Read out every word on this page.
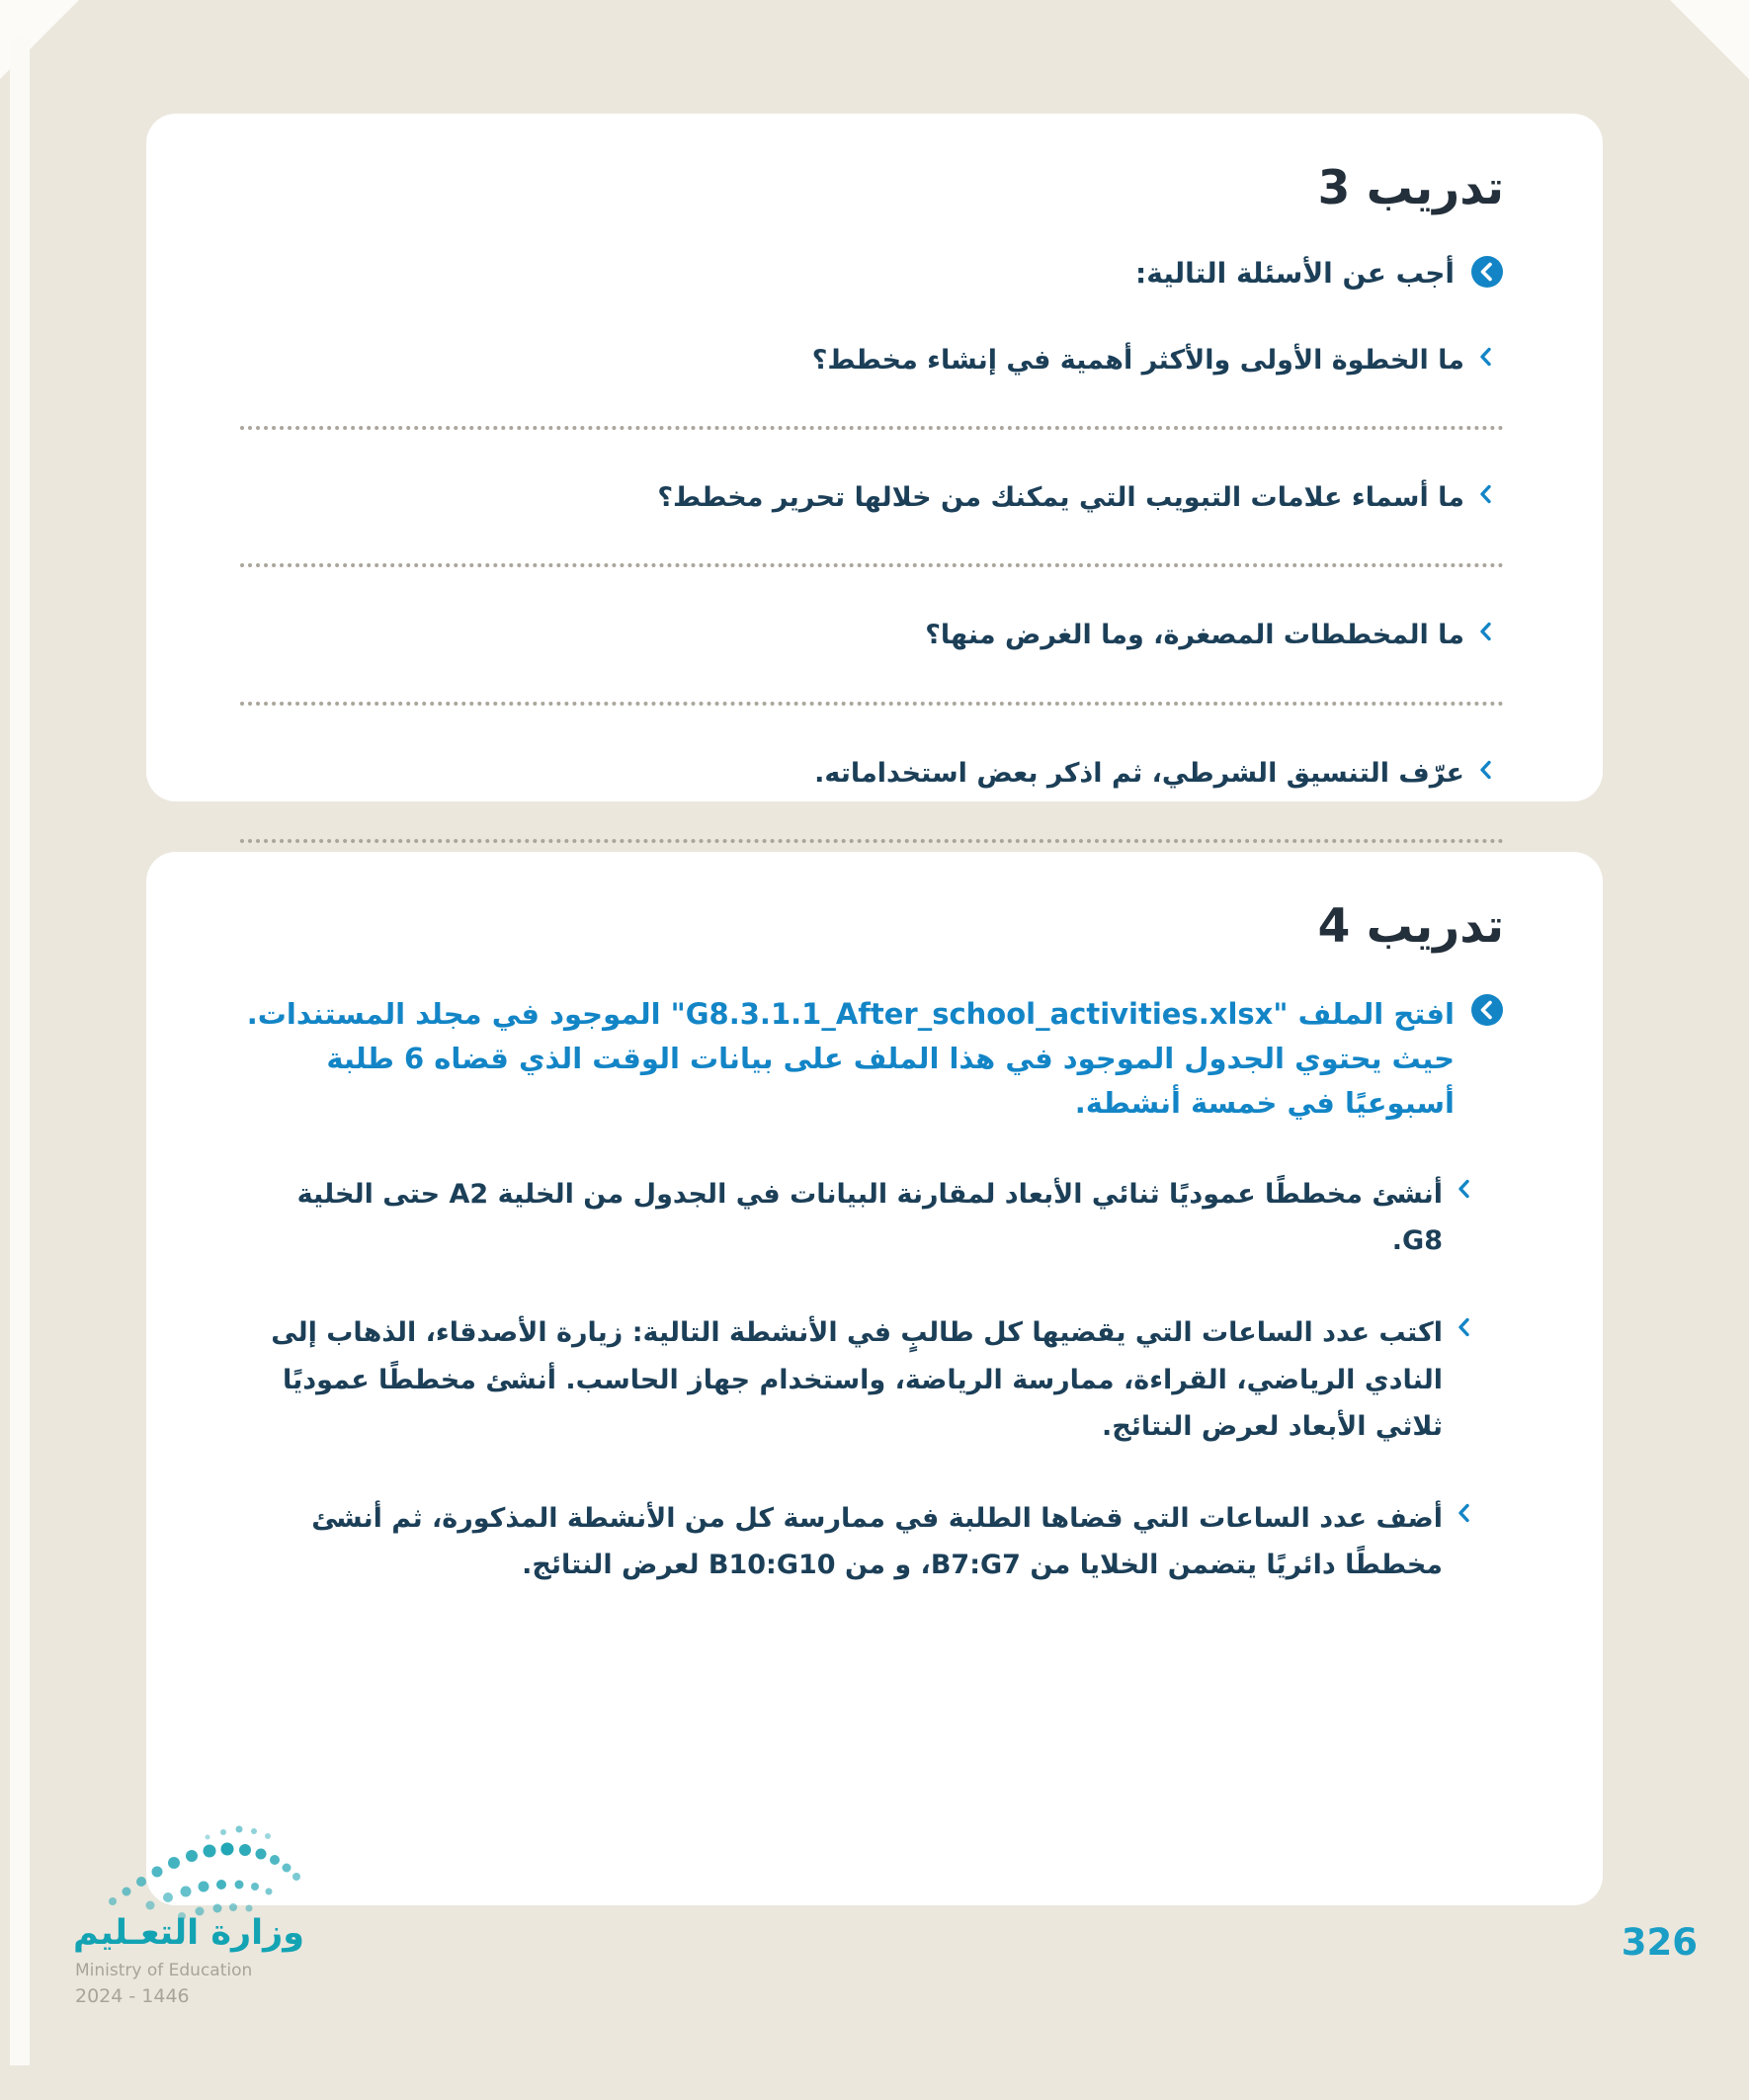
تدريب 3
أجب عن الأسئلة التالية:
ما الخطوة الأولى والأكثر أهمية في إنشاء مخطط؟
ما أسماء علامات التبويب التي يمكنك من خلالها تحرير مخطط؟
ما المخططات المصغرة، وما الغرض منها؟
عرّف التنسيق الشرطي، ثم اذكر بعض استخداماته.
تدريب 4

افتح الملف "G8.3.1.1_After_school_activities.xlsx" الموجود في مجلد المستندات. حيث يحتوي الجدول الموجود في هذا الملف على بيانات الوقت الذي قضاه 6 طلبة أسبوعيًا في خمسة أنشطة.

أنشئ مخططًا عموديًا ثنائي الأبعاد لمقارنة البيانات في الجدول من الخلية A2 حتى الخلية G8.

اكتب عدد الساعات التي يقضيها كل طالبٍ في الأنشطة التالية: زيارة الأصدقاء، الذهاب إلى النادي الرياضي، القراءة، ممارسة الرياضة، واستخدام جهاز الحاسب. أنشئ مخططًا عموديًا ثلاثي الأبعاد لعرض النتائج.

أضف عدد الساعات التي قضاها الطلبة في ممارسة كل من الأنشطة المذكورة، ثم أنشئ مخططًا دائريًا يتضمن الخلايا من B7:G7، و من B10:G10 لعرض النتائج.

وزارة التعـليم
Ministry of Education
2024 - 1446
326
